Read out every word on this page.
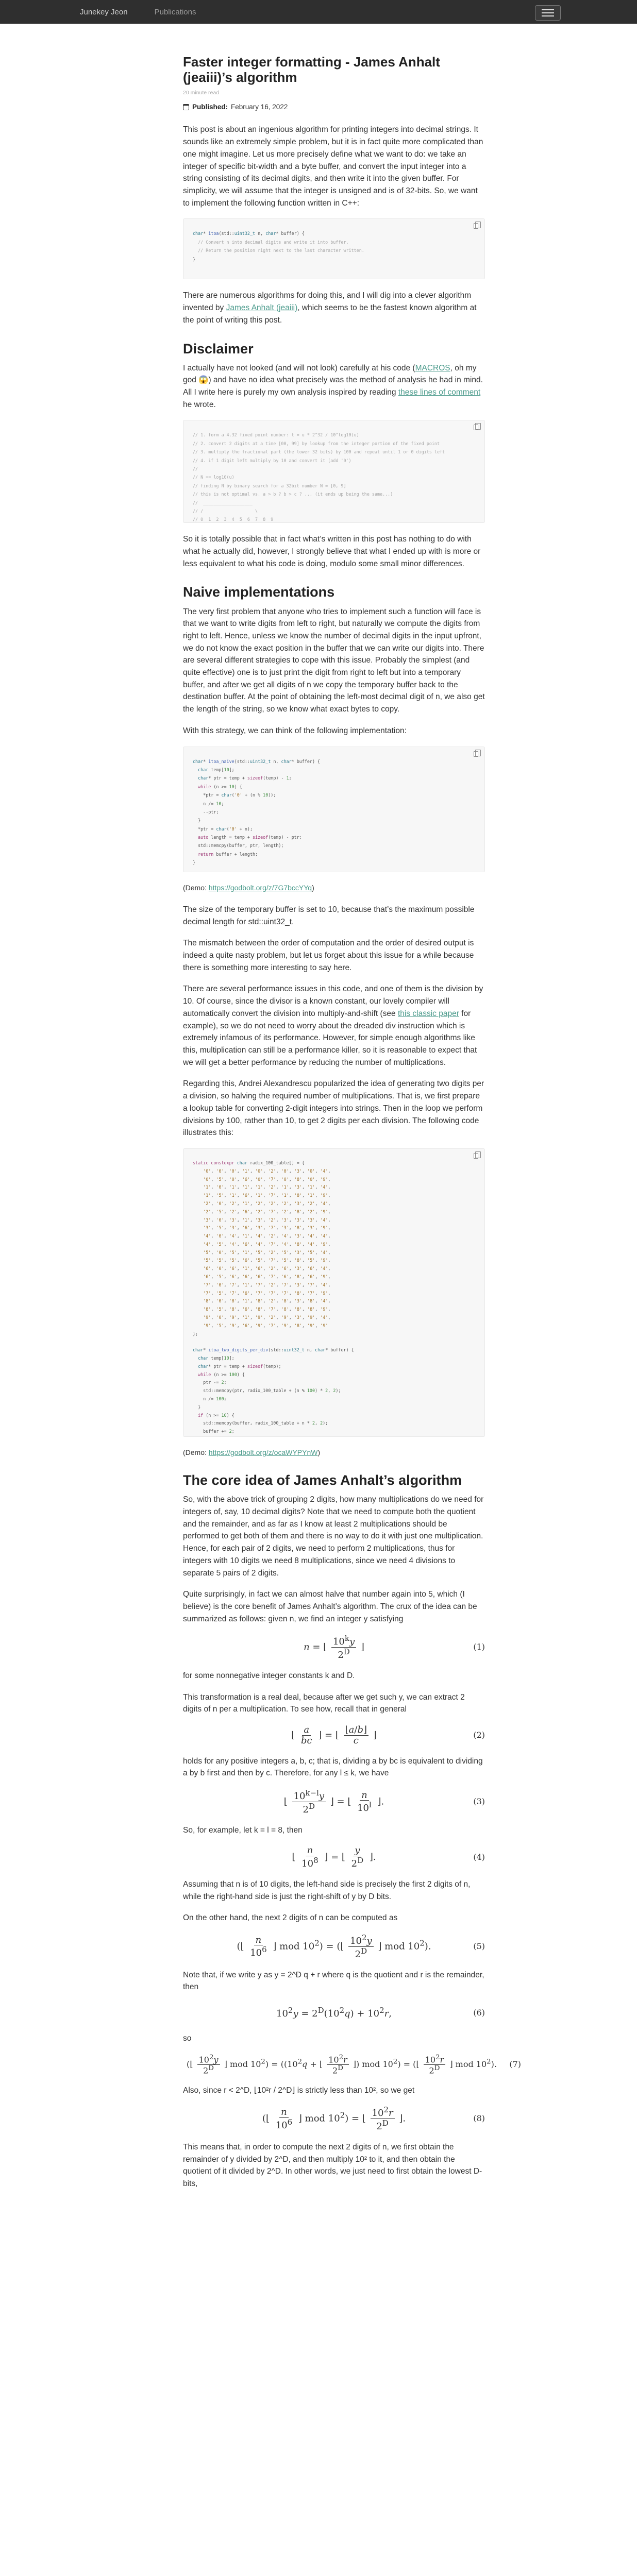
Junekey Jeon	Publications
Faster integer formatting - James Anhalt (jeaiii)’s algorithm
20 minute read
Published: February 16, 2022

This post is about an ingenious algorithm for printing integers into decimal strings. It sounds like an extremely simple problem, but it is in fact quite more complicated than one might imagine. Let us more precisely define what we want to do: we take an integer of specific bit-width and a byte buffer, and convert the input integer into a string consisting of its decimal digits, and then write it into the given buffer. For simplicity, we will assume that the integer is unsigned and is of 32-bits. So, we want to implement the following function written in C++:

char* itoa(std::uint32_t n, char* buffer) {
// Convert n into decimal digits and write it into buffer.
// Return the position right next to the last character written.
}

There are numerous algorithms for doing this, and I will dig into a clever algorithm invented by James Anhalt (jeaiii), which seems to be the fastest known algorithm at the point of writing this post.

Disclaimer

I actually have not looked (and will not look) carefully at his code (MACROS, oh my god 😱) and have no idea what precisely was the method of analysis he had in mind. All I write here is purely my own analysis inspired by reading these lines of comment he wrote.

// 1. form a 4.32 fixed point number: t = u * 2^32 / 10^log10(u)
// 2. convert 2 digits at a time [00, 99] by lookup from the integer portion of the fixed point
// 3. multiply the fractional part (the lower 32 bits) by 100 and repeat until 1 or 0 digits left
// 4. if 1 digit left multiply by 10 and convert it (add '0')
//
// N == log10(u)
// finding N by binary search for a 32bit number N = [0, 9]
// this is not optimal vs. a > b ? b > c ? ... (it ends up being the same...)
//  ___________________
// /                    \
// 0  1  2  3  4  5  6  7  8  9

So it is totally possible that in fact what’s written in this post has nothing to do with what he actually did, however, I strongly believe that what I ended up with is more or less equivalent to what his code is doing, modulo some small minor differences.

Naive implementations

The very first problem that anyone who tries to implement such a function will face is that we want to write digits from left to right, but naturally we compute the digits from right to left. Hence, unless we know the number of decimal digits in the input upfront, we do not know the exact position in the buffer that we can write our digits into. There are several different strategies to cope with this issue. Probably the simplest (and quite effective) one is to just print the digit from right to left but into a temporary buffer, and after we get all digits of n we copy the temporary buffer back to the destination buffer. At the point of obtaining the left-most decimal digit of n, we also get the length of the string, so we know what exact bytes to copy.

With this strategy, we can think of the following implementation:

char* itoa_naive(std::uint32_t n, char* buffer) {
char temp[10];
char* ptr = temp + sizeof(temp) - 1;
while (n >= 10) {
*ptr = char('0' + (n % 10));
n /= 10;
--ptr;
}
*ptr = char('0' + n);
auto length = temp + sizeof(temp) - ptr;
std::memcpy(buffer, ptr, length);
return buffer + length;
}

(Demo: https://godbolt.org/z/7G7bccYYq)

The size of the temporary buffer is set to 10, because that’s the maximum possible decimal length for std::uint32_t.

The mismatch between the order of computation and the order of desired output is indeed a quite nasty problem, but let us forget about this issue for a while because there is something more interesting to say here.

There are several performance issues in this code, and one of them is the division by 10. Of course, since the divisor is a known constant, our lovely compiler will automatically convert the division into multiply-and-shift (see this classic paper for example), so we do not need to worry about the dreaded div instruction which is extremely infamous of its performance. However, for simple enough algorithms like this, multiplication can still be a performance killer, so it is reasonable to expect that we will get a better performance by reducing the number of multiplications.

Regarding this, Andrei Alexandrescu popularized the idea of generating two digits per a division, so halving the required number of multiplications. That is, we first prepare a lookup table for converting 2-digit integers into strings. Then in the loop we perform divisions by 100, rather than 10, to get 2 digits per each division. The following code illustrates this:

static constexpr char radix_100_table[] = {
'0', '0', '0', '1', '0', '2', '0', '3', '0', '4',
'0', '5', '0', '6', '0', '7', '0', '8', '0', '9',
'1', '0', '1', '1', '1', '2', '1', '3', '1', '4',
'1', '5', '1', '6', '1', '7', '1', '8', '1', '9',
'2', '0', '2', '1', '2', '2', '2', '3', '2', '4',
'2', '5', '2', '6', '2', '7', '2', '8', '2', '9',
'3', '0', '3', '1', '3', '2', '3', '3', '3', '4',
'3', '5', '3', '6', '3', '7', '3', '8', '3', '9',
'4', '0', '4', '1', '4', '2', '4', '3', '4', '4',
'4', '5', '4', '6', '4', '7', '4', '8', '4', '9',
'5', '0', '5', '1', '5', '2', '5', '3', '5', '4',
'5', '5', '5', '6', '5', '7', '5', '8', '5', '9',
'6', '0', '6', '1', '6', '2', '6', '3', '6', '4',
'6', '5', '6', '6', '6', '7', '6', '8', '6', '9',
'7', '0', '7', '1', '7', '2', '7', '3', '7', '4',
'7', '5', '7', '6', '7', '7', '7', '8', '7', '9',
'8', '0', '8', '1', '8', '2', '8', '3', '8', '4',
'8', '5', '8', '6', '8', '7', '8', '8', '8', '9',
'9', '0', '9', '1', '9', '2', '9', '3', '9', '4',
'9', '5', '9', '6', '9', '7', '9', '8', '9', '9'
};

char* itoa_two_digits_per_div(std::uint32_t n, char* buffer) {
char temp[10];
char* ptr = temp + sizeof(temp);
while (n >= 100) {
ptr -= 2;
std::memcpy(ptr, radix_100_table + (n % 100) * 2, 2);
n /= 100;
}
if (n >= 10) {
std::memcpy(buffer, radix_100_table + n * 2, 2);
buffer += 2;

(Demo: https://godbolt.org/z/ocaWYPYnW)

The core idea of James Anhalt’s algorithm

So, with the above trick of grouping 2 digits, how many multiplications do we need for integers of, say, 10 decimal digits? Note that we need to compute both the quotient and the remainder, and as far as I know at least 2 multiplications should be performed to get both of them and there is no way to do it with just one multiplication. Hence, for each pair of 2 digits, we need to perform 2 multiplications, thus for integers with 10 digits we need 8 multiplications, since we need 4 divisions to separate 5 pairs of 2 digits.

Quite surprisingly, in fact we can almost halve that number again into 5, which (I believe) is the core benefit of James Anhalt’s algorithm. The crux of the idea can be summarized as follows: given n, we find an integer y satisfying

n = ⌊ $\frac{10^ky}{2^D}$ ⌋	(1)

for some nonnegative integer constants k and D.

This transformation is a real deal, because after we get such y, we can extract 2 digits of n per a multiplication. To see how, recall that in general

⌊ $\frac{a}{bc}$ ⌋ = ⌊ $\frac{⌊a/b⌋}{c}$ ⌋	(2)

holds for any positive integers a, b, c; that is, dividing a by bc is equivalent to dividing a by b first and then by c. Therefore, for any l ≤ k, we have

⌊ $\frac{10^{k-l}y}{2^D}$ ⌋ = ⌊ $\frac{n}{10^l}$ ⌋.	(3)

So, for example, let k = l = 8, then

⌊ $\frac{n}{10^8}$ ⌋ = ⌊ $\frac{y}{2^D}$ ⌋.	(4)

Assuming that n is of 10 digits, the left-hand side is precisely the first 2 digits of n, while the right-hand side is just the right-shift of y by D bits.

On the other hand, the next 2 digits of n can be computed as

(⌊ $\frac{n}{10^6}$ ⌋ mod $10^2$) = (⌊ $\frac{10^2y}{2^D}$ ⌋ mod $10^2$).	(5)

Note that, if we write y as y = 2^D q + r where q is the quotient and r is the remainder, then

$10^2y = 2^D(10^2q) + 10^2r$,	(6)

so

(⌊ $\frac{10^2y}{2^D}$ ⌋ mod $10^2) = ((10^2q$ + ⌊ $\frac{10^2r}{2^D}$ ⌋) mod $10^2$) = (⌊ $\frac{10^2r}{2^D}$ ⌋ mod $10^2$). (7)

Also, since r < 2^D, ⌊10²r / 2^D⌋ is strictly less than 10², so we get

(⌊ $\frac{n}{10^6}$ ⌋ mod $10^2$) = ⌊ $\frac{10^2r}{2^D}$ ⌋.	(8)

This means that, in order to compute the next 2 digits of n, we first obtain the remainder of y divided by 2^D, and then multiply 10² to it, and then obtain the quotient of it divided by 2^D. In other words, we just need to first obtain the lowest D-bits,
